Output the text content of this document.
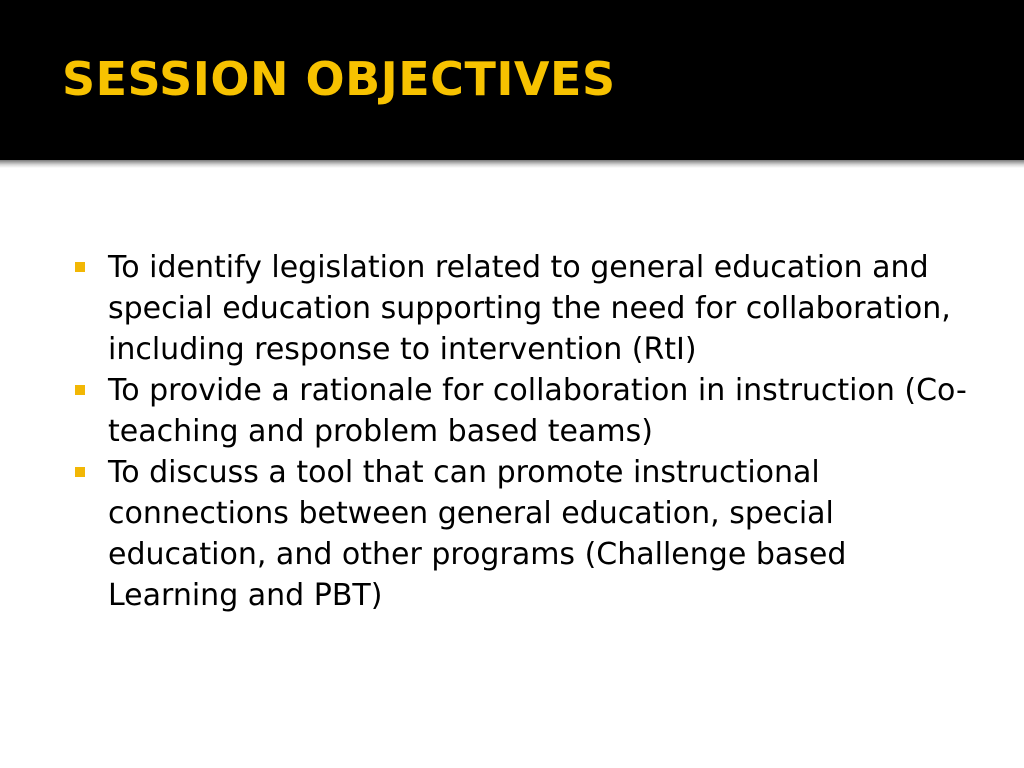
SESSION OBJECTIVES
To identify legislation related to general education and special education supporting the need for collaboration, including response to intervention (RtI)
To provide a rationale for collaboration in instruction (Co-teaching and problem based teams)
To discuss a tool that can promote instructional connections between general education, special education, and other programs (Challenge based Learning and PBT)
